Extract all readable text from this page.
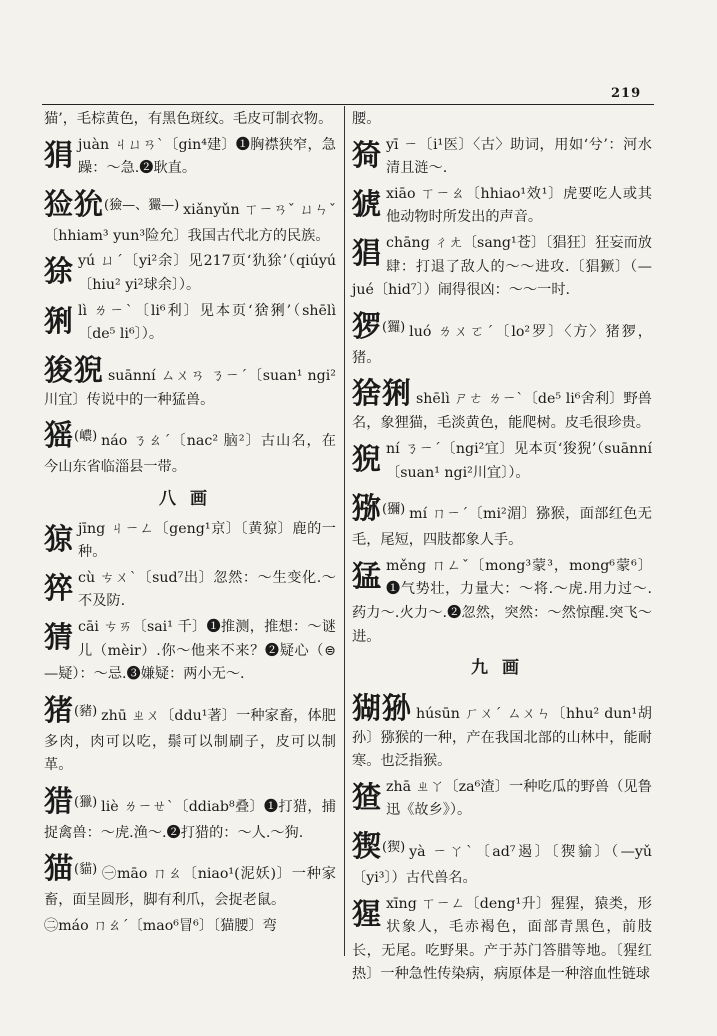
219
猫’，毛棕黄色，有黑色斑纹。毛皮可制衣物。
狷juàn ㄐㄩㄢˋ〔gin⁴建〕❶胸襟狭窄，急躁：～急.❷耿直。
猃狁(獫—、玁—) xiǎnyǔn ㄒㄧㄢˇ ㄩㄣˇ〔hhiam³ yun³险允〕我国古代北方的民族。
狳yú ㄩˊ〔yi²余〕见217页‘犰狳’（qiúyú〔hiu² yi²球余〕）。
猁lì ㄌㄧˋ〔li⁶利〕见本页‘猞猁’（shēlì〔de⁵ li⁶〕）。
狻猊 suānní ㄙㄨㄢ ㄋㄧˊ〔suan¹ ngi²川宜〕传说中的一种猛兽。
猺(嶩) náo ㄋㄠˊ〔nac² 脑²〕古山名，在今山东省临淄县一带。
八画
猄jīng ㄐㄧㄥ〔geng¹京〕〔黄猄〕鹿的一种。
猝cù ㄘㄨˋ〔sud⁷出〕忽然：～生变化.～不及防.
猜cāi ㄘㄞ〔sai¹ 千〕❶推测，推想：～谜儿（mèir）.你～他来不来？❷疑心（⊜—疑）：～忌.❸嫌疑：两小无～.
猪(豬) zhū ㄓㄨ〔ddu¹著〕一种家畜，体肥多肉，肉可以吃，鬃可以制刷子，皮可以制革。
猎(獵) liè ㄌㄧㄝˋ〔ddiab⁸叠〕❶打猎，捕捉禽兽：～虎.渔～.❷打猎的：～人.～狗.
猫(貓) ㊀māo ㄇㄠ〔niao¹(泥妖)〕一种家畜，面呈圆形，脚有利爪，会捉老鼠。
㊁máo ㄇㄠˊ〔mao⁶冒⁶〕〔猫腰〕弯
腰。
猗yī ㄧ〔i¹医〕〈古〉助词，用如‘兮’：河水清且涟～.
猇xiāo ㄒㄧㄠ〔hhiao¹效¹〕虎要吃人或其他动物时所发出的声音。
猖chāng ㄔㄤ〔sang¹苍〕〔猖狂〕狂妄而放肆：打退了敌人的～～进攻.〔猖獗〕（—jué〔hid⁷〕）闹得很凶：～～一时.
猡(玀) luó ㄌㄨㄛˊ〔lo²罗〕〈方〉猪猡，猪。
猞猁 shēlì ㄕㄜ ㄌㄧˋ〔de⁵ li⁶舍利〕野兽名，象狸猫，毛淡黄色，能爬树。皮毛很珍贵。
猊ní ㄋㄧˊ〔ngi²宜〕见本页‘狻猊’（suānní〔suan¹ ngi²川宜〕）。
猕(獼) mí ㄇㄧˊ〔mi²湄〕猕猴，面部红色无毛，尾短，四肢都象人手。
猛měng ㄇㄥˇ〔mong³蒙³，mong⁶蒙⁶〕❶气势壮，力量大：～将.～虎.用力过～.药力～.火力～.❷忽然，突然：～然惊醒.突飞～进。
九画
猢狲 húsūn ㄏㄨˊ ㄙㄨㄣ〔hhu² dun¹胡孙〕猕猴的一种，产在我国北部的山林中，能耐寒。也泛指猴。
猹zhā ㄓㄚ〔za⁶渣〕一种吃瓜的野兽（见鲁迅《故乡》）。
猰(猰) yà ㄧㄚˋ〔ad⁷遏〕〔猰貐〕（—yǔ〔yi³〕）古代兽名。
猩xīng ㄒㄧㄥ〔deng¹升〕猩猩，猿类，形状象人，毛赤褐色，面部青黑色，前肢长，无尾。吃野果。产于苏门答腊等地。〔猩红热〕一种急性传染病，病原体是一种溶血性链球
